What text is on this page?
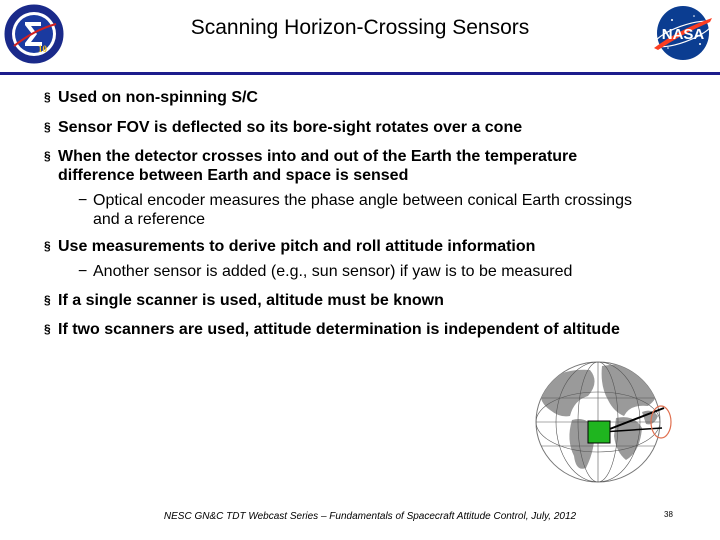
10
Scanning Horizon-Crossing Sensors	NASA
§ Used on non-spinning S/C
§ Sensor FOV is deflected so its bore-sight rotates over a cone
§ When the detector crosses into and out of the Earth the temperature difference between Earth and space is sensed
− Optical encoder measures the phase angle between conical Earth crossings and a reference
§ Use measurements to derive pitch and roll attitude information
− Another sensor is added (e.g., sun sensor) if yaw is to be measured
§ If a single scanner is used, altitude must be known
§ If two scanners are used, attitude determination is independent of altitude
NESC GN&C TDT Webcast Series – Fundamentals of Spacecraft Attitude Control, July, 2012	38
